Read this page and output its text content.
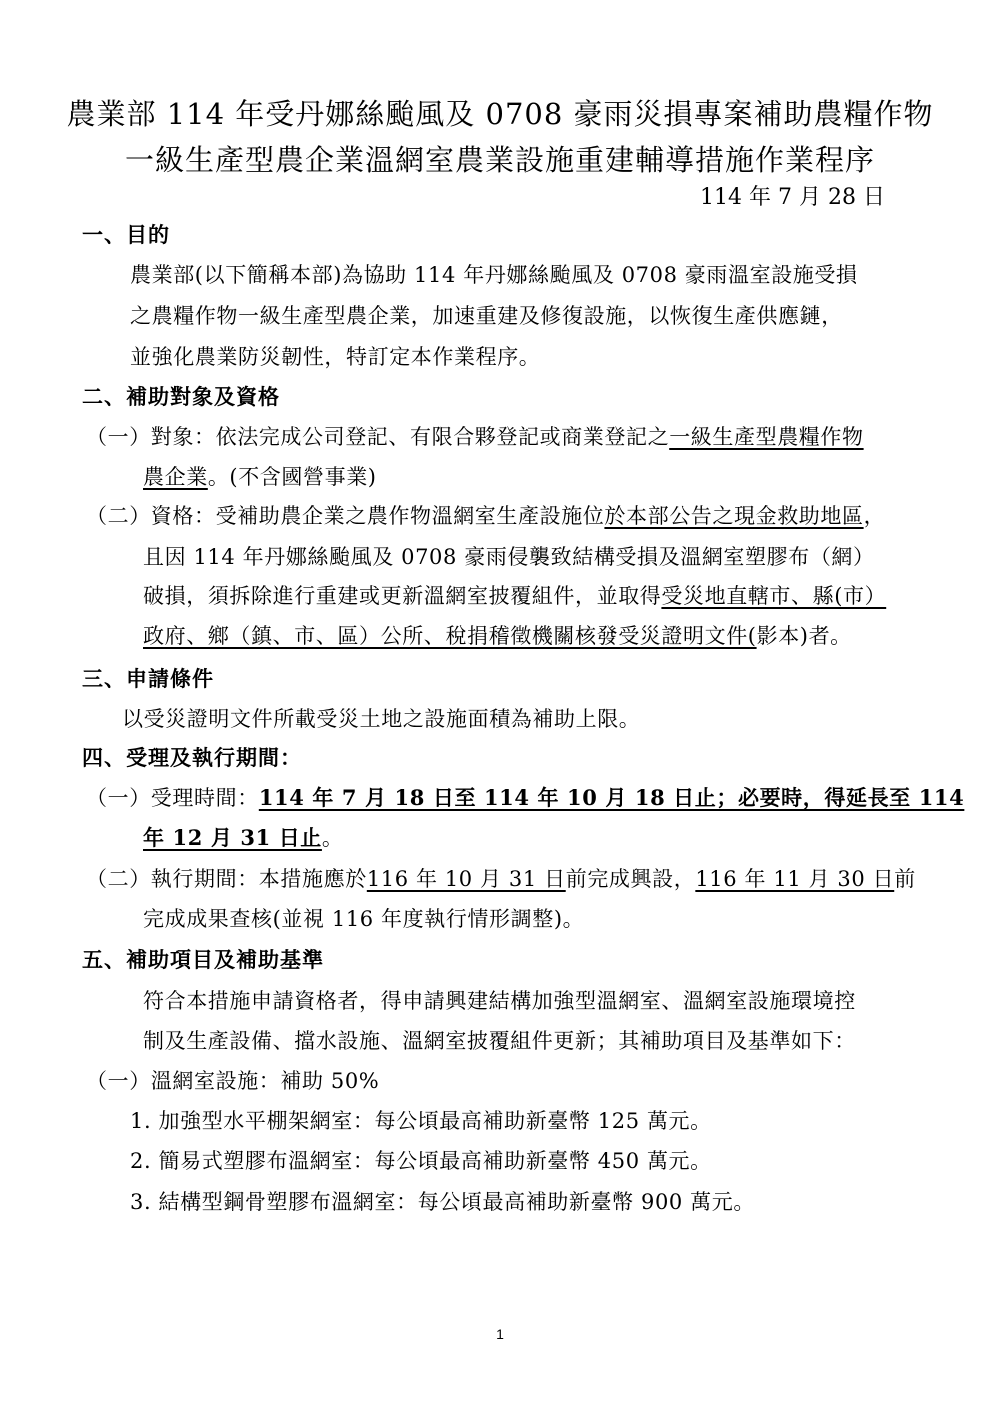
農業部 114 年受丹娜絲颱風及 0708 豪雨災損專案補助農糧作物
一級生產型農企業溫網室農業設施重建輔導措施作業程序
114 年 7 月 28 日
一、目的
農業部(以下簡稱本部)為協助 114 年丹娜絲颱風及 0708 豪雨溫室設施受損
之農糧作物一級生產型農企業，加速重建及修復設施，以恢復生產供應鏈，
並強化農業防災韌性，特訂定本作業程序。
二、補助對象及資格
（一）對象：依法完成公司登記、有限合夥登記或商業登記之一級生產型農糧作物
農企業。(不含國營事業)
（二）資格：受補助農企業之農作物溫網室生產設施位於本部公告之現金救助地區，
且因 114 年丹娜絲颱風及 0708 豪雨侵襲致結構受損及溫網室塑膠布（網）
破損，須拆除進行重建或更新溫網室披覆組件，並取得受災地直轄市、縣(市）
政府、鄉（鎮、市、區）公所、稅捐稽徵機關核發受災證明文件(影本)者。
三、申請條件
以受災證明文件所載受災土地之設施面積為補助上限。
四、受理及執行期間：
（一）受理時間：114 年 7 月 18 日至 114 年 10 月 18 日止；必要時，得延長至 114
年 12 月 31 日止。
（二）執行期間：本措施應於116 年 10 月 31 日前完成興設，116 年 11 月 30 日前
完成成果查核(並視 116 年度執行情形調整)。
五、補助項目及補助基準
符合本措施申請資格者，得申請興建結構加強型溫網室、溫網室設施環境控
制及生產設備、擋水設施、溫網室披覆組件更新；其補助項目及基準如下：
（一）溫網室設施：補助 50%
1. 加強型水平棚架網室：每公頃最高補助新臺幣 125 萬元。
2. 簡易式塑膠布溫網室：每公頃最高補助新臺幣 450 萬元。
3. 結構型鋼骨塑膠布溫網室：每公頃最高補助新臺幣 900 萬元。
1
